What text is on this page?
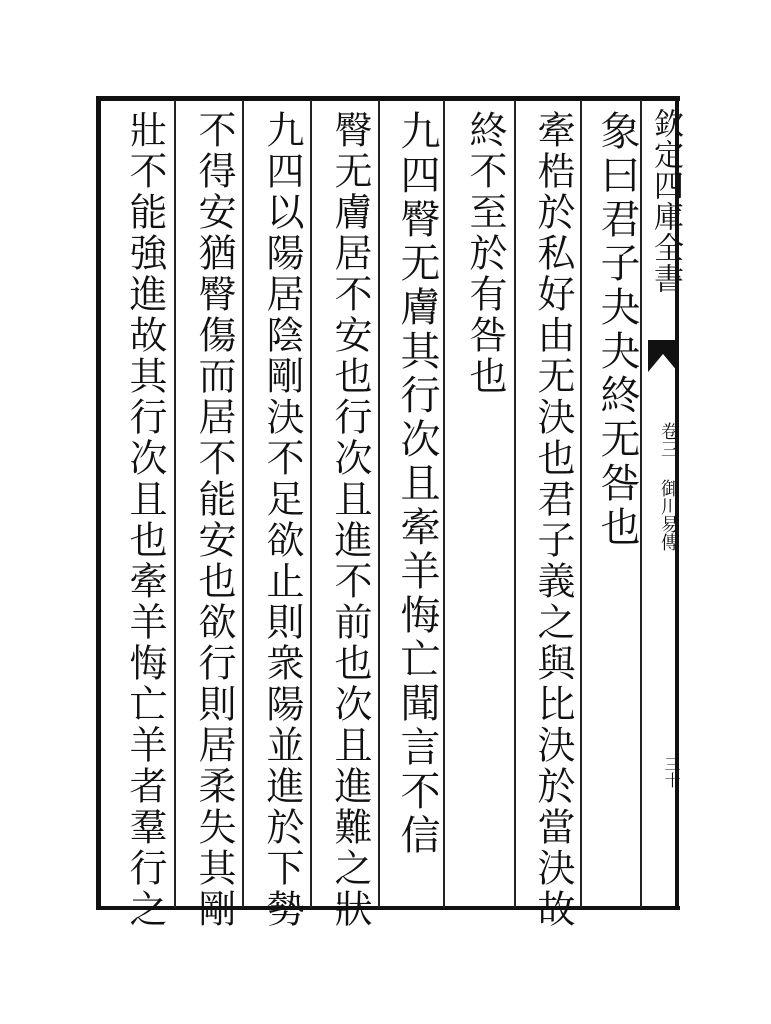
欽定四庫全書
卷三 御川易傳
三十
象曰君子夬夬終无咎也
牽梏於私好由无決也君子義之與比決於當決故
終不至於有咎也
九四臀无膚其行次且牽羊悔亡聞言不信
臀无膚居不安也行次且進不前也次且進難之狀
九四以陽居陰剛決不足欲止則衆陽並進於下勢
不得安猶臀傷而居不能安也欲行則居柔失其剛
壯不能強進故其行次且也牽羊悔亡羊者羣行之
